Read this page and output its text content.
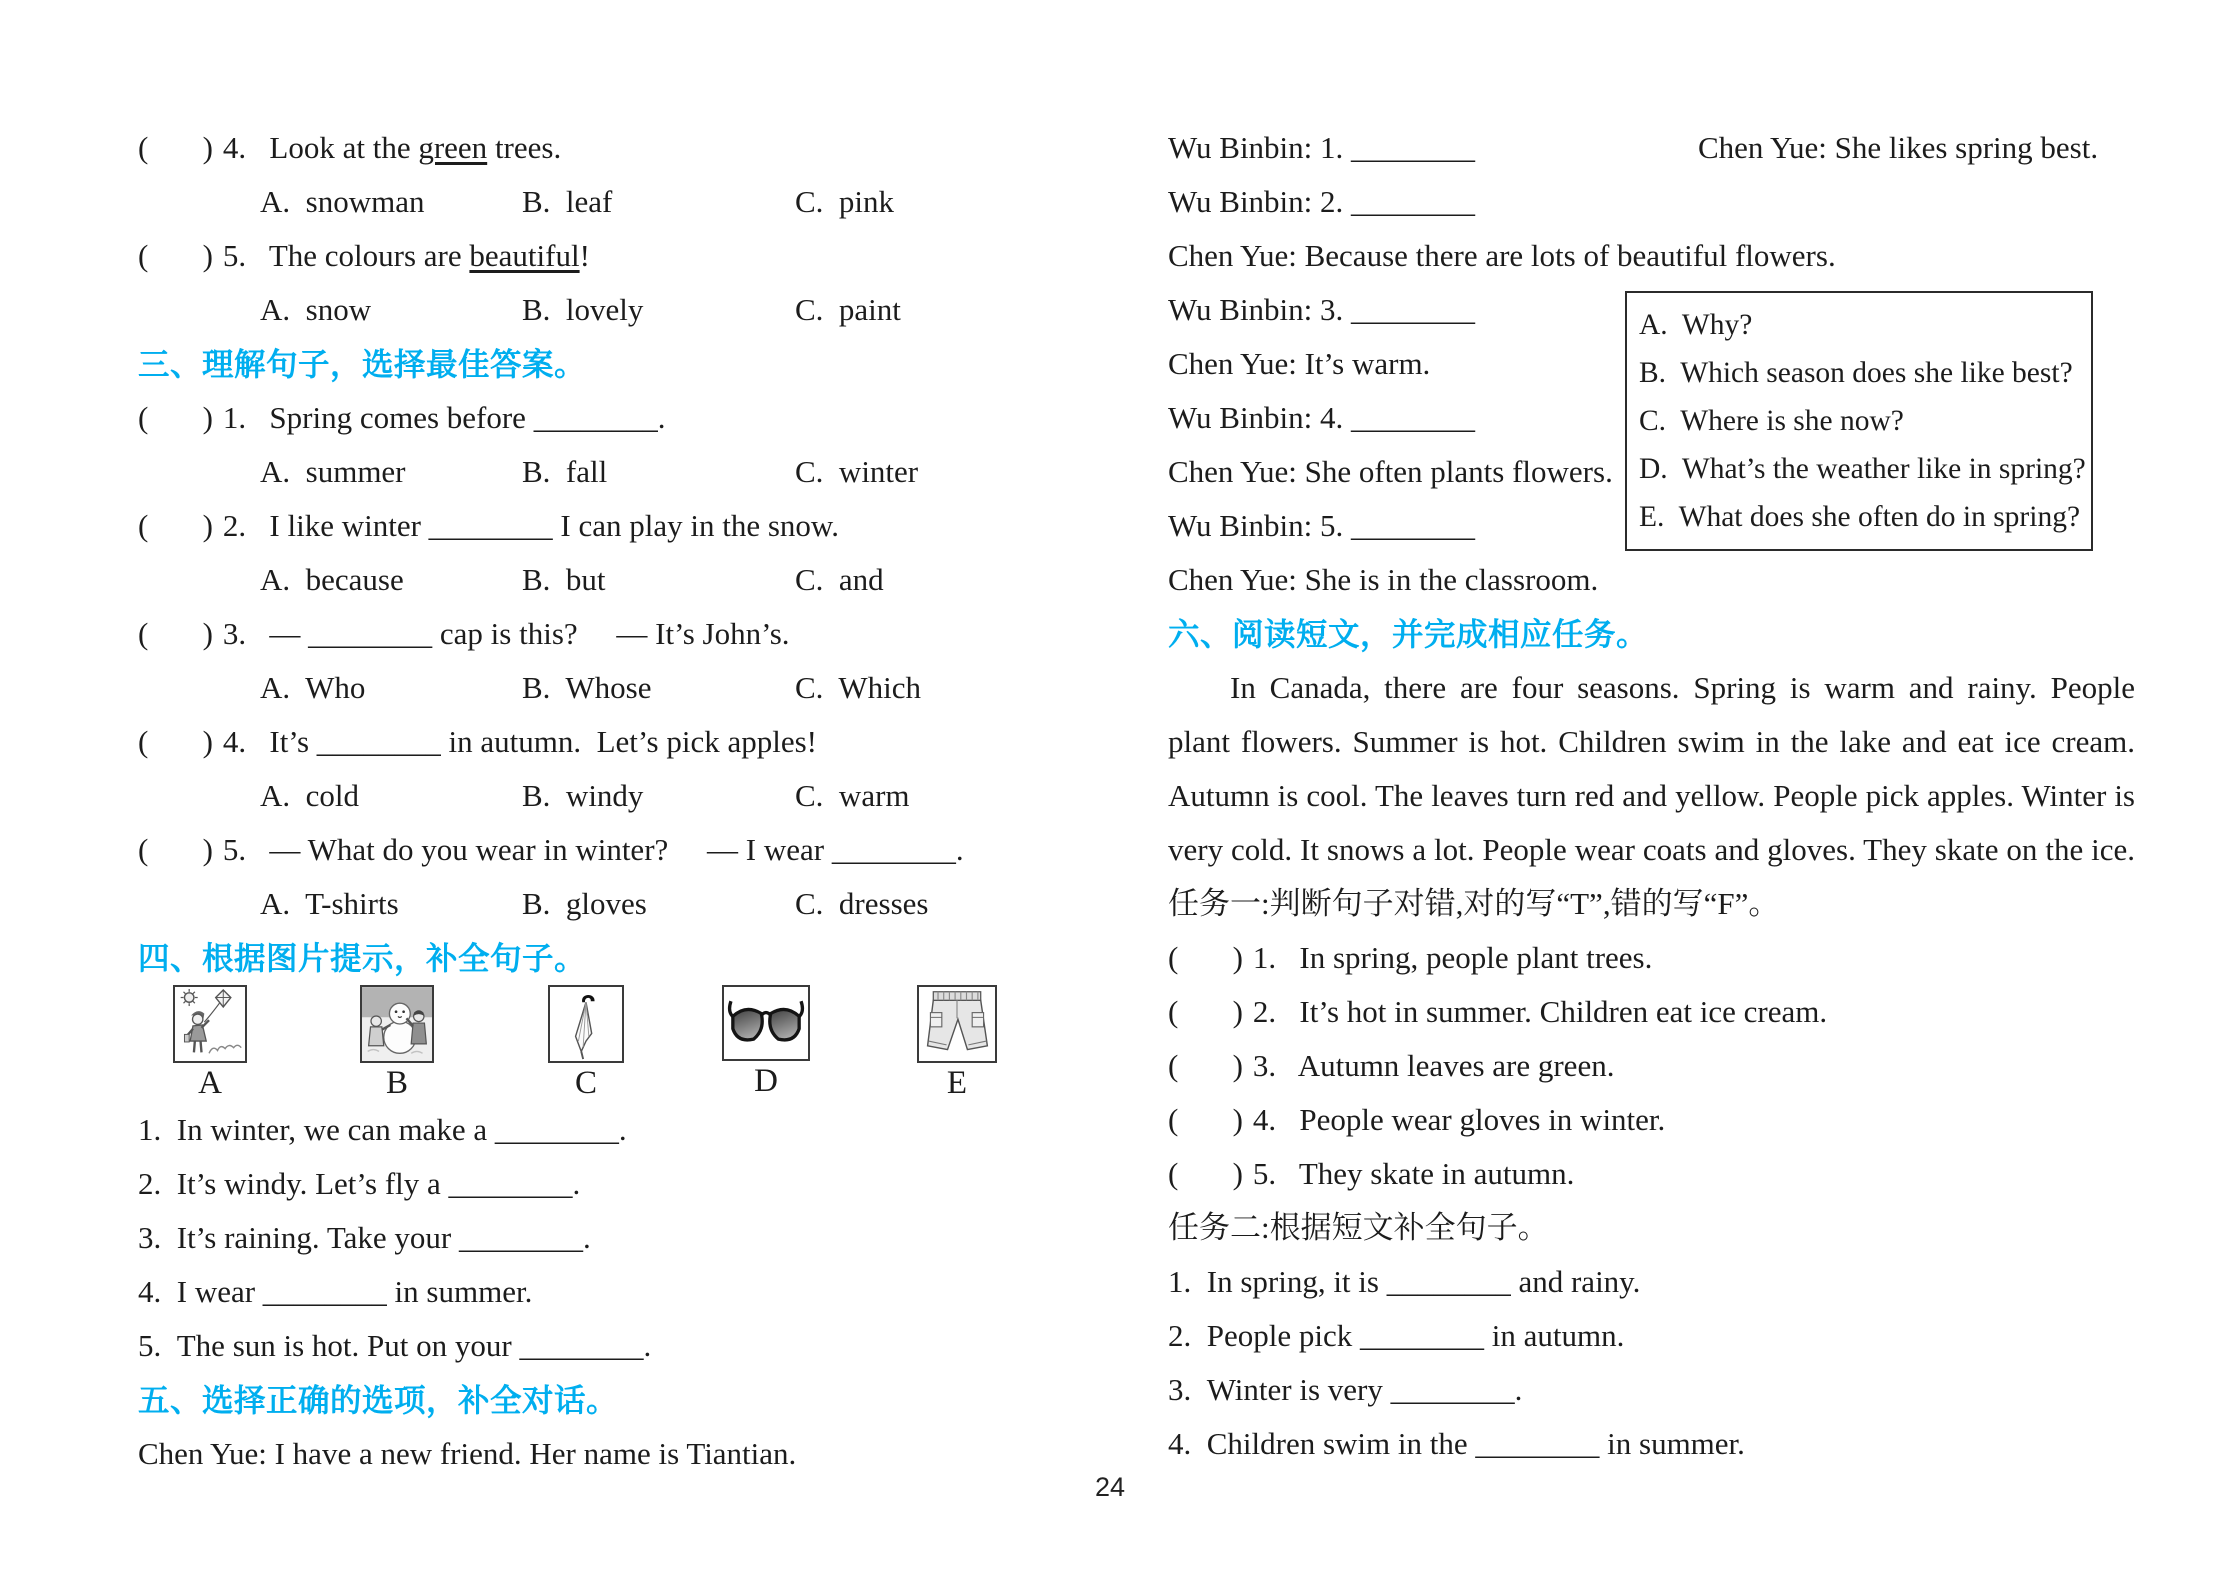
(       ) 4.   Look at the green trees.
A.  snowman	B.  leaf	C.  pink
(       ) 5.   The colours are beautiful!
A.  snow	B.  lovely	C.  paint
三、理解句子，选择最佳答案。
(       ) 1.   Spring comes before ________.
A.  summer	B.  fall	C.  winter
(       ) 2.   I like winter ________ I can play in the snow.
A.  because	B.  but	C.  and
(       ) 3.   — ________ cap is this?     — It’s John’s.
A.  Who	B.  Whose	C.  Which
(       ) 4.   It’s ________ in autumn.  Let’s pick apples!
A.  cold	B.  windy	C.  warm
(       ) 5.   — What do you wear in winter?     — I wear ________.
A.  T-shirts	B.  gloves	C.  dresses
四、根据图片提示，补全句子。
A	B	C	D	E
1.  In winter, we can make a ________.
2.  It’s windy. Let’s fly a ________.
3.  It’s raining. Take your ________.
4.  I wear ________ in summer.
5.  The sun is hot. Put on your ________.
五、选择正确的选项，补全对话。
Chen Yue: I have a new friend. Her name is Tiantian.
Wu Binbin: 1. ________	Chen Yue: She likes spring best.
Wu Binbin: 2. ________
Chen Yue: Because there are lots of beautiful flowers.
Wu Binbin: 3. ________
Chen Yue: It’s warm.
Wu Binbin: 4. ________
Chen Yue: She often plants flowers.
Wu Binbin: 5. ________
Chen Yue: She is in the classroom.
A.  Why?
B.  Which season does she like best?
C.  Where is she now?
D.  What’s the weather like in spring?
E.  What does she often do in spring?
六、阅读短文，并完成相应任务。
In Canada, there are four seasons. Spring is warm and rainy. People
plant flowers. Summer is hot. Children swim in the lake and eat ice cream.
Autumn is cool. The leaves turn red and yellow. People pick apples. Winter is
very cold. It snows a lot. People wear coats and gloves. They skate on the ice.
任务一:判断句子对错,对的写“T”,错的写“F”。
(       ) 1.   In spring, people plant trees.
(       ) 2.   It’s hot in summer. Children eat ice cream.
(       ) 3.   Autumn leaves are green.
(       ) 4.   People wear gloves in winter.
(       ) 5.   They skate in autumn.
任务二:根据短文补全句子。
1.  In spring, it is ________ and rainy.
2.  People pick ________ in autumn.
3.  Winter is very ________.
4.  Children swim in the ________ in summer.
24
